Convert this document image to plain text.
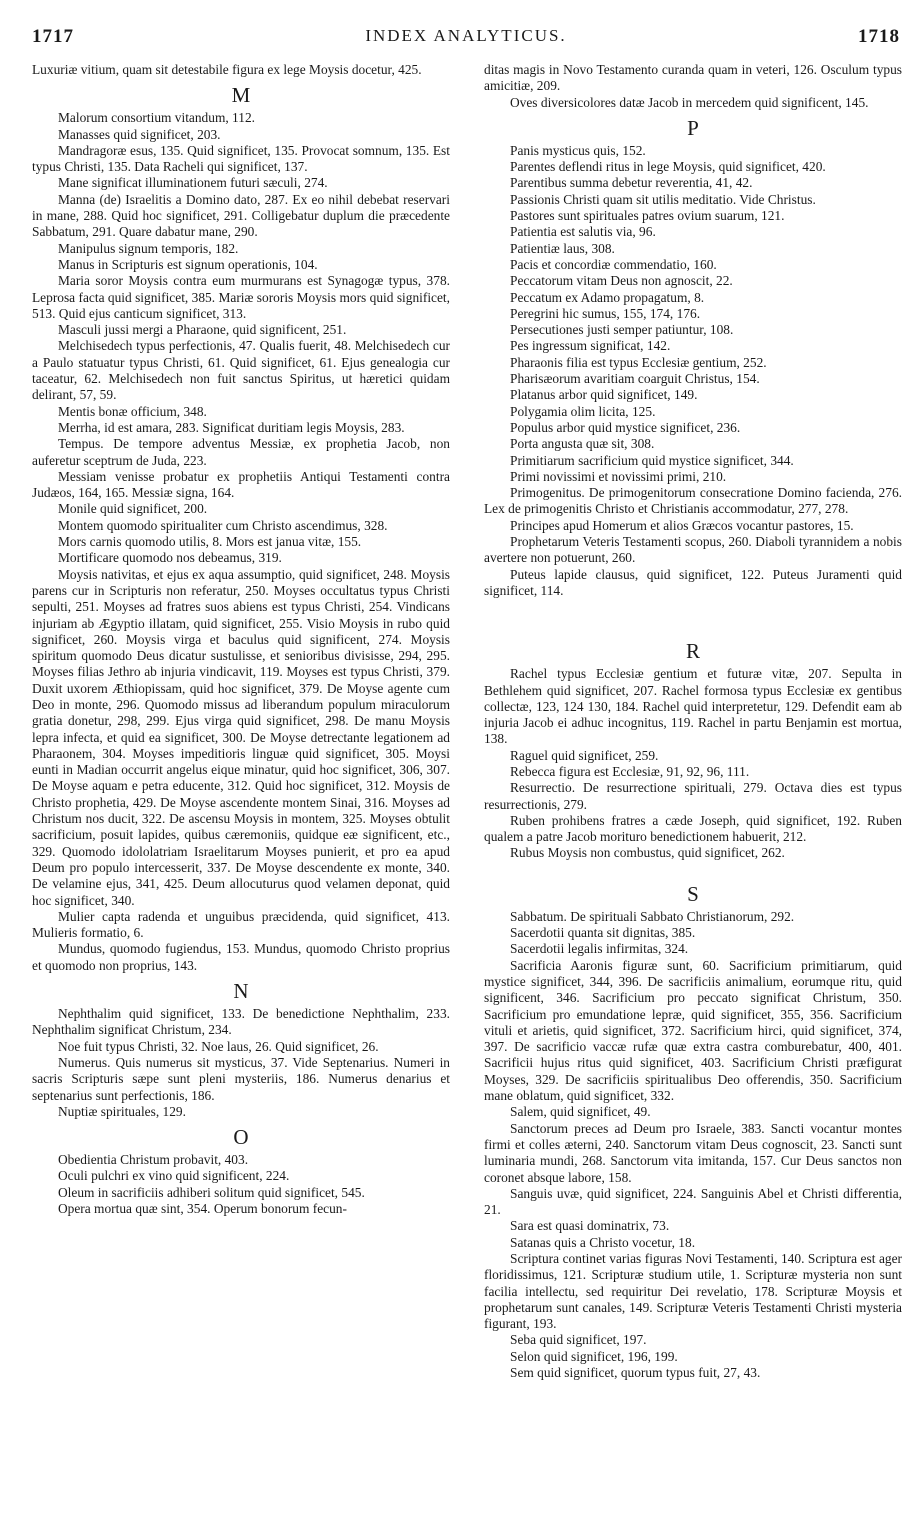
1717	INDEX ANALYTICUS.	1718

Luxuriæ vitium, quam sit detestabile figura ex lege Moysis docetur, 425.

M

Malorum consortium vitandum, 112.

Manasses quid significet, 203.

Mandragoræ esus, 135. Quid significet, 135. Provocat somnum, 135. Est typus Christi, 135. Data Racheli qui significet, 137.

Mane significat illuminationem futuri sæculi, 274.

Manna (de) Israelitis a Domino dato, 287. Ex eo nihil debebat reservari in mane, 288. Quid hoc significet, 291. Colligebatur duplum die præcedente Sabbatum, 291. Quare dabatur mane, 290.

Manipulus signum temporis, 182.

Manus in Scripturis est signum operationis, 104.

Maria soror Moysis contra eum murmurans est Synagogæ typus, 378. Leprosa facta quid significet, 385. Mariæ sororis Moysis mors quid significet, 513. Quid ejus canticum significet, 313.

Masculi jussi mergi a Pharaone, quid significent, 251.

Melchisedech typus perfectionis, 47. Qualis fuerit, 48. Melchisedech cur a Paulo statuatur typus Christi, 61. Quid significet, 61. Ejus genealogia cur taceatur, 62. Melchisedech non fuit sanctus Spiritus, ut hæretici quidam delirant, 57, 59.

Mentis bonæ officium, 348.

Merrha, id est amara, 283. Significat duritiam legis Moysis, 283.

Tempus. De tempore adventus Messiæ, ex prophetia Jacob, non auferetur sceptrum de Juda, 223.

Messiam venisse probatur ex prophetiis Antiqui Testamenti contra Judæos, 164, 165. Messiæ signa, 164.

Monile quid significet, 200.

Montem quomodo spiritualiter cum Christo ascendimus, 328.

Mors carnis quomodo utilis, 8. Mors est janua vitæ, 155.

Mortificare quomodo nos debeamus, 319.

Moysis nativitas, et ejus ex aqua assumptio, quid significet, 248. Moysis parens cur in Scripturis non referatur, 250. Moyses occultatus typus Christi sepulti, 251. Moyses ad fratres suos abiens est typus Christi, 254. Vindicans injuriam ab Ægyptio illatam, quid significet, 255. Visio Moysis in rubo quid significet, 260. Moysis virga et baculus quid significent, 274. Moysis spiritum quomodo Deus dicatur sustulisse, et senioribus divisisse, 294, 295. Moyses filias Jethro ab injuria vindicavit, 119. Moyses est typus Christi, 379. Duxit uxorem Æthiopissam, quid hoc significet, 379. De Moyse agente cum Deo in monte, 296. Quomodo missus ad liberandum populum miraculorum gratia donetur, 298, 299. Ejus virga quid significet, 298. De manu Moysis lepra infecta, et quid ea significet, 300. De Moyse detrectante legationem ad Pharaonem, 304. Moyses impeditioris linguæ quid significet, 305. Moysi eunti in Madian occurrit angelus eique minatur, quid hoc significet, 306, 307. De Moyse aquam e petra educente, 312. Quid hoc significet, 312. Moysis de Christo prophetia, 429. De Moyse ascendente montem Sinai, 316. Moyses ad Christum nos ducit, 322. De ascensu Moysis in montem, 325. Moyses obtulit sacrificium, posuit lapides, quibus cæremoniis, quidque eæ significent, etc., 329. Quomodo idololatriam Israelitarum Moyses punierit, et pro ea apud Deum pro populo intercesserit, 337. De Moyse descendente ex monte, 340. De velamine ejus, 341, 425. Deum allocuturus quod velamen deponat, quid hoc significet, 340.

Mulier capta radenda et unguibus præcidenda, quid significet, 413. Mulieris formatio, 6.

Mundus, quomodo fugiendus, 153. Mundus, quomodo Christo proprius et quomodo non proprius, 143.

N

Nephthalim quid significet, 133. De benedictione Nephthalim, 233. Nephthalim significat Christum, 234.

Noe fuit typus Christi, 32. Noe laus, 26. Quid significet, 26.

Numerus. Quis numerus sit mysticus, 37. Vide Septenarius. Numeri in sacris Scripturis sæpe sunt pleni mysteriis, 186. Numerus denarius et septenarius sunt perfectionis, 186.

Nuptiæ spirituales, 129.

O

Obedientia Christum probavit, 403.

Oculi pulchri ex vino quid significent, 224.

Oleum in sacrificiis adhiberi solitum quid significet, 545.

Opera mortua quæ sint, 354. Operum bonorum fecun-

ditas magis in Novo Testamento curanda quam in veteri, 126. Osculum typus amicitiæ, 209.

Oves diversicolores datæ Jacob in mercedem quid significent, 145.

P

Panis mysticus quis, 152.

Parentes deflendi ritus in lege Moysis, quid significet, 420.

Parentibus summa debetur reverentia, 41, 42.

Passionis Christi quam sit utilis meditatio. Vide Christus.

Pastores sunt spirituales patres ovium suarum, 121.

Patientia est salutis via, 96.

Patientiæ laus, 308.

Pacis et concordiæ commendatio, 160.

Peccatorum vitam Deus non agnoscit, 22.

Peccatum ex Adamo propagatum, 8.

Peregrini hic sumus, 155, 174, 176.

Persecutiones justi semper patiuntur, 108.

Pes ingressum significat, 142.

Pharaonis filia est typus Ecclesiæ gentium, 252.

Pharisæorum avaritiam coarguit Christus, 154.

Platanus arbor quid significet, 149.

Polygamia olim licita, 125.

Populus arbor quid mystice significet, 236.

Porta angusta quæ sit, 308.

Primitiarum sacrificium quid mystice significet, 344.

Primi novissimi et novissimi primi, 210.

Primogenitus. De primogenitorum consecratione Domino facienda, 276. Lex de primogenitis Christo et Christianis accommodatur, 277, 278.

Principes apud Homerum et alios Græcos vocantur pastores, 15.

Prophetarum Veteris Testamenti scopus, 260. Diaboli tyrannidem a nobis avertere non potuerunt, 260.

Puteus lapide clausus, quid significet, 122. Puteus Juramenti quid significet, 114.

R

Rachel typus Ecclesiæ gentium et futuræ vitæ, 207. Sepulta in Bethlehem quid significet, 207. Rachel formosa typus Ecclesiæ ex gentibus collectæ, 123, 124 130, 184. Rachel quid interpretetur, 129. Defendit eam ab injuria Jacob ei adhuc incognitus, 119. Rachel in partu Benjamin est mortua, 138.

Raguel quid significet, 259.

Rebecca figura est Ecclesiæ, 91, 92, 96, 111.

Resurrectio. De resurrectione spirituali, 279. Octava dies est typus resurrectionis, 279.

Ruben prohibens fratres a cæde Joseph, quid significet, 192. Ruben qualem a patre Jacob morituro benedictionem habuerit, 212.

Rubus Moysis non combustus, quid significet, 262.

S

Sabbatum. De spirituali Sabbato Christianorum, 292.

Sacerdotii quanta sit dignitas, 385.

Sacerdotii legalis infirmitas, 324.

Sacrificia Aaronis figuræ sunt, 60. Sacrificium primitiarum, quid mystice significet, 344, 396. De sacrificiis animalium, eorumque ritu, quid significent, 346. Sacrificium pro peccato significat Christum, 350. Sacrificium pro emundatione lepræ, quid significet, 355, 356. Sacrificium vituli et arietis, quid significet, 372. Sacrificium hirci, quid significet, 374, 397. De sacrificio vaccæ rufæ quæ extra castra comburebatur, 400, 401. Sacrificii hujus ritus quid significet, 403. Sacrificium Christi præfigurat Moyses, 329. De sacrificiis spiritualibus Deo offerendis, 350. Sacrificium mane oblatum, quid significet, 332.

Salem, quid significet, 49.

Sanctorum preces ad Deum pro Israele, 383. Sancti vocantur montes firmi et colles æterni, 240. Sanctorum vitam Deus cognoscit, 23. Sancti sunt luminaria mundi, 268. Sanctorum vita imitanda, 157. Cur Deus sanctos non coronet absque labore, 158.

Sanguis uvæ, quid significet, 224. Sanguinis Abel et Christi differentia, 21.

Sara est quasi dominatrix, 73.

Satanas quis a Christo vocetur, 18.

Scriptura continet varias figuras Novi Testamenti, 140. Scriptura est ager floridissimus, 121. Scripturæ studium utile, 1. Scripturæ mysteria non sunt facilia intellectu, sed requiritur Dei revelatio, 178. Scripturæ Moysis et prophetarum sunt canales, 149. Scripturæ Veteris Testamenti Christi mysteria figurant, 193.

Seba quid significet, 197.

Selon quid significet, 196, 199.

Sem quid significet, quorum typus fuit, 27, 43.
